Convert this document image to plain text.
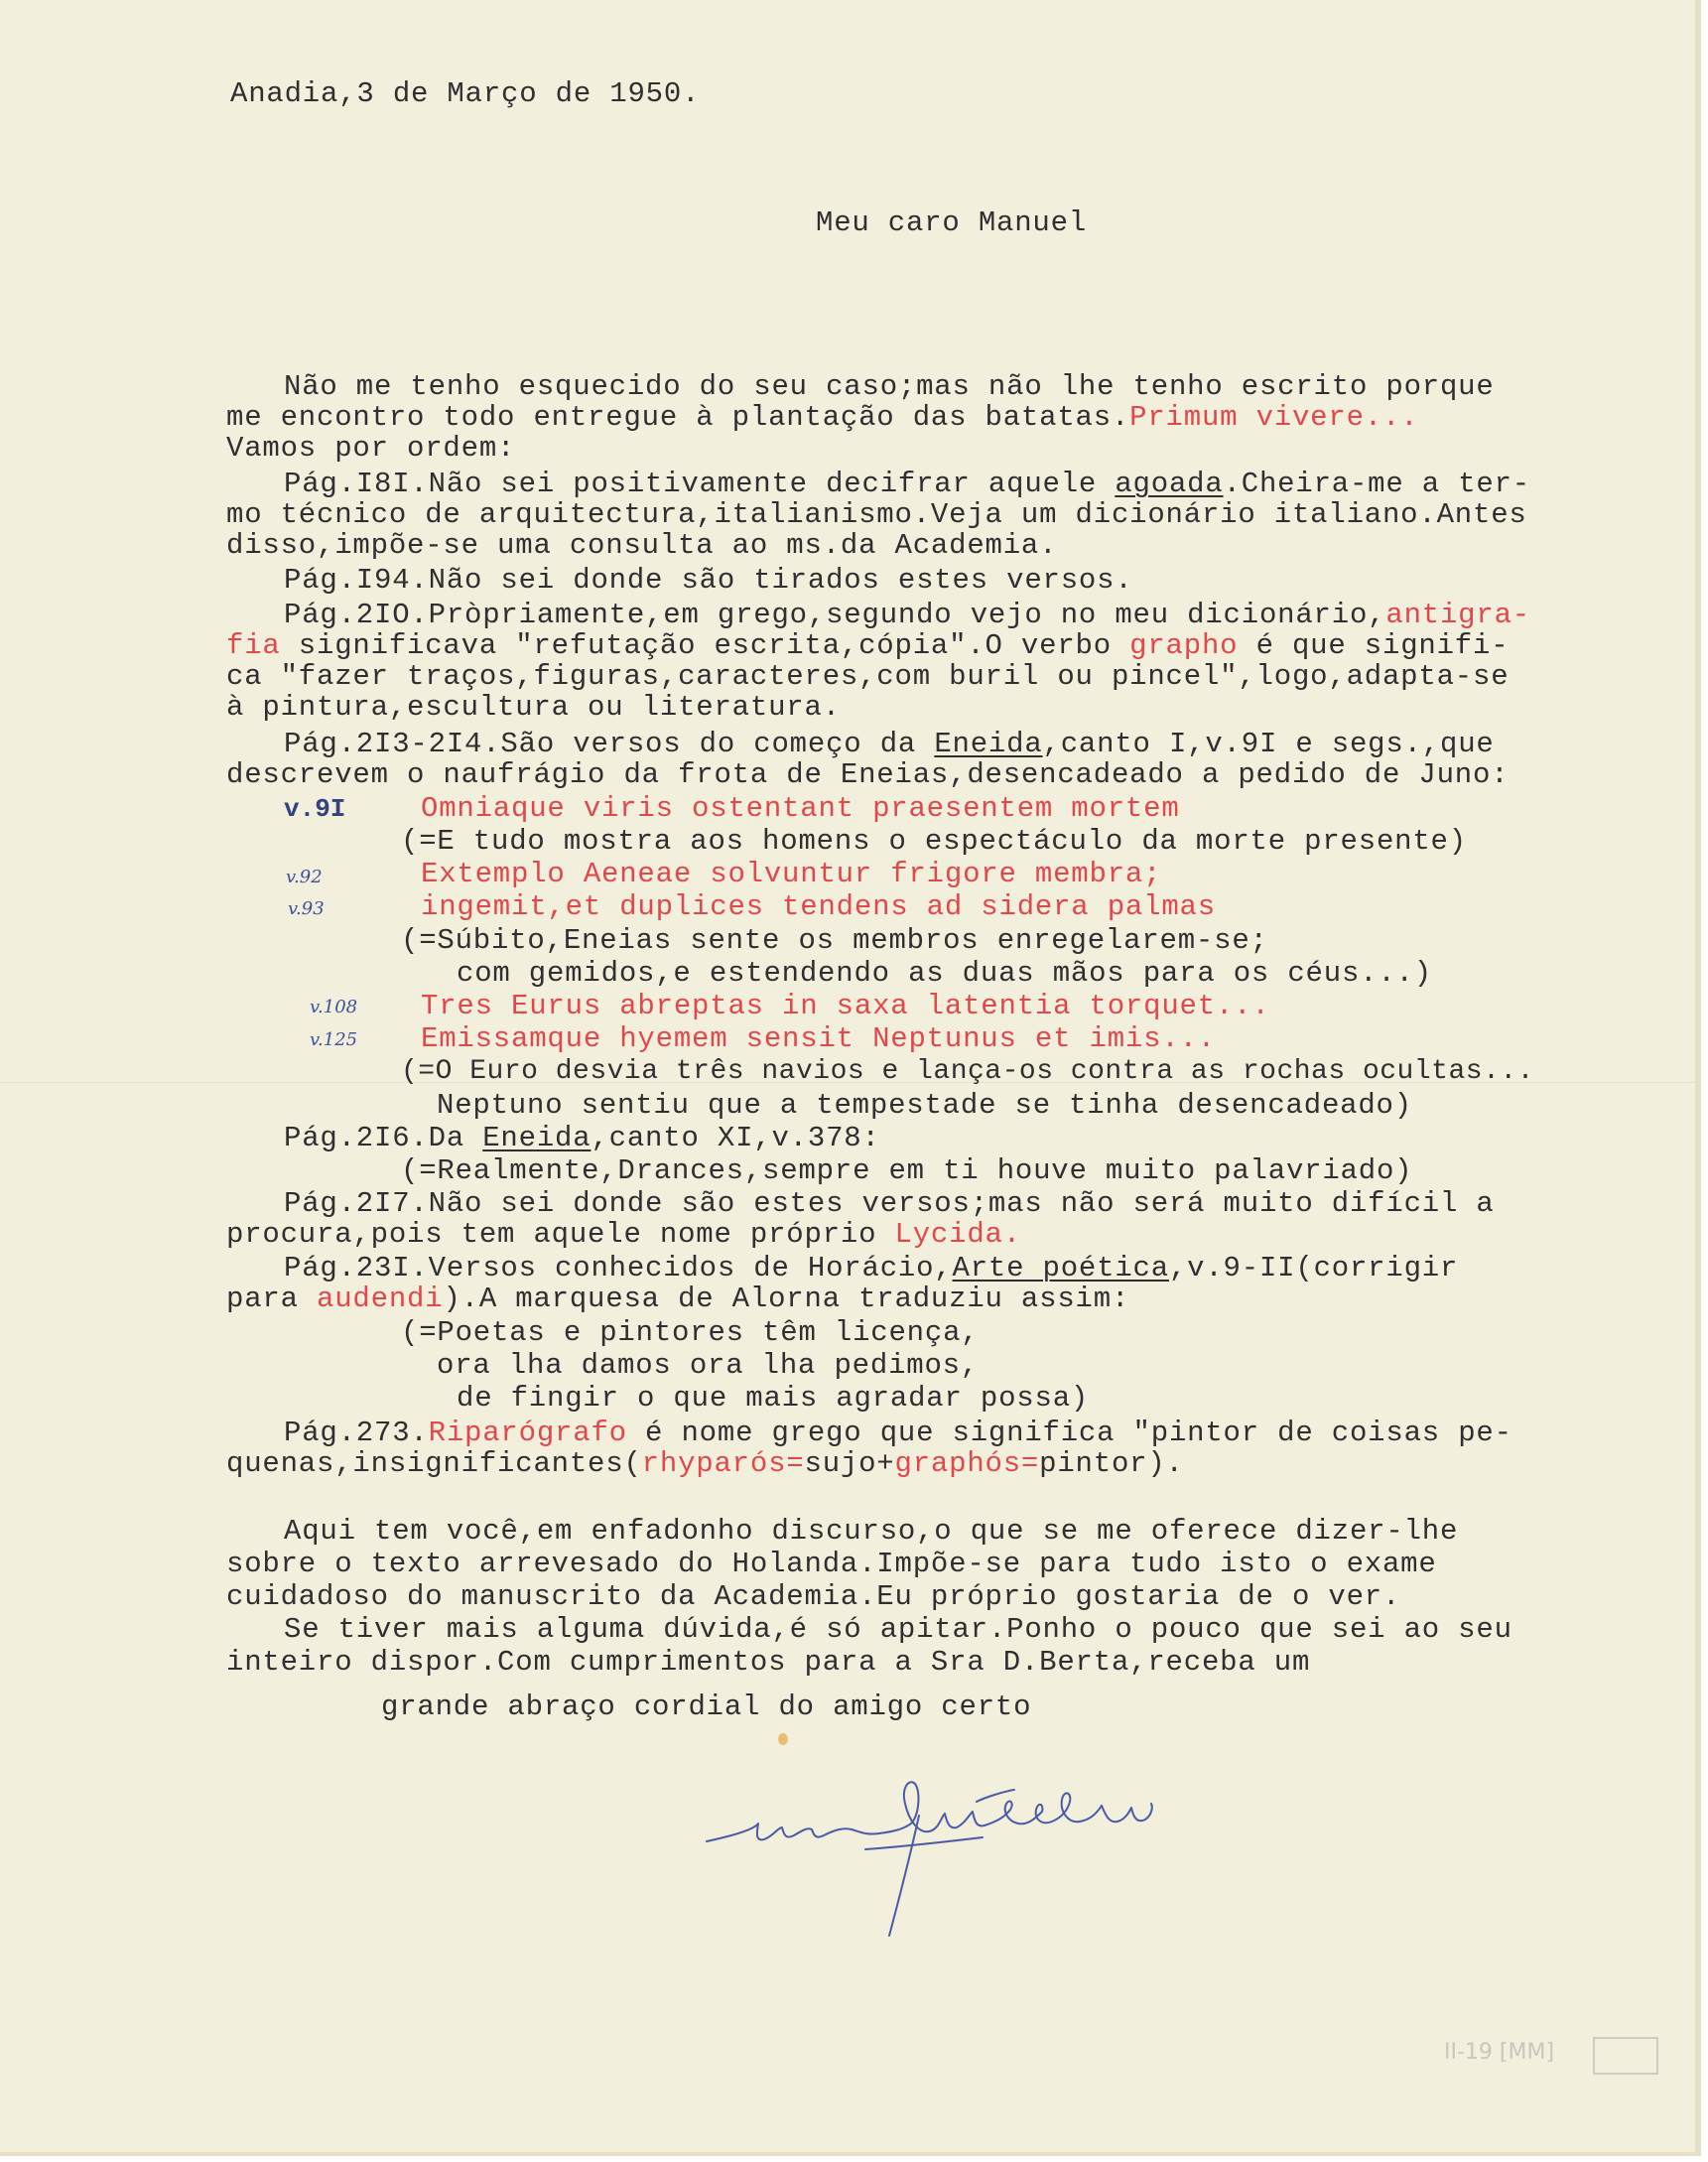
Anadia,3 de Março de 1950.
Meu caro Manuel
Não me tenho esquecido do seu caso;mas não lhe tenho escrito porque
me encontro todo entregue à plantação das batatas.Primum vivere...
Vamos por ordem:
Pág.I8I.Não sei positivamente decifrar aquele agoada.Cheira-me a ter-
mo técnico de arquitectura,italianismo.Veja um dicionário italiano.Antes
disso,impõe-se uma consulta ao ms.da Academia.
Pág.I94.Não sei donde são tirados estes versos.
Pág.2IO.Pròpriamente,em grego,segundo vejo no meu dicionário,antigra-
fia significava "refutação escrita,cópia".O verbo grapho é que signifi-
ca "fazer traços,figuras,caracteres,com buril ou pincel",logo,adapta-se
à pintura,escultura ou literatura.
Pág.2I3-2I4.São versos do começo da Eneida,canto I,v.9I e segs.,que
descrevem o naufrágio da frota de Eneias,desencadeado a pedido de Juno:
v.9I	Omniaque viris ostentant praesentem mortem
(=E tudo mostra aos homens o espectáculo da morte presente)
v.92	Extemplo Aeneae solvuntur frigore membra;
v.93	ingemit,et duplices tendens ad sidera palmas
(=Súbito,Eneias sente os membros enregelarem-se;
com gemidos,e estendendo as duas mãos para os céus...)
v.108 Tres Eurus abreptas in saxa latentia torquet...
v.125 Emissamque hyemem sensit Neptunus et imis...
(=O Euro desvia três navios e lança-os contra as rochas ocultas...
Neptuno sentiu que a tempestade se tinha desencadeado)
Pág.2I6.Da Eneida,canto XI,v.378:
(=Realmente,Drances,sempre em ti houve muito palavriado)
Pág.2I7.Não sei donde são estes versos;mas não será muito difícil a
procura,pois tem aquele nome próprio Lycida.
Pág.23I.Versos conhecidos de Horácio,Arte poética,v.9-II(corrigir
para audendi).A marquesa de Alorna traduziu assim:
(=Poetas e pintores têm licença,
ora lha damos ora lha pedimos,
de fingir o que mais agradar possa)
Pág.273.Riparógrafo é nome grego que significa "pintor de coisas pe-
quenas,insignificantes(rhyparós=sujo+graphós=pintor).
Aqui tem você,em enfadonho discurso,o que se me oferece dizer-lhe
sobre o texto arrevesado do Holanda.Impõe-se para tudo isto o exame
cuidadoso do manuscrito da Academia.Eu próprio gostaria de o ver.
Se tiver mais alguma dúvida,é só apitar.Ponho o pouco que sei ao seu
inteiro dispor.Com cumprimentos para a Sra D.Berta,receba um
grande abraço cordial do amigo certo
II-19 [MM]
